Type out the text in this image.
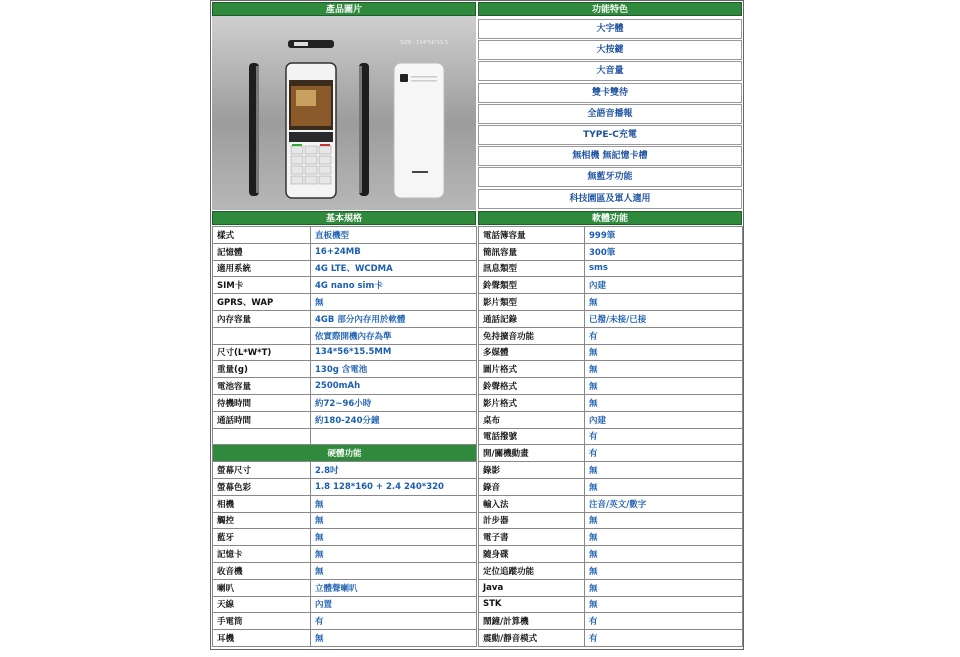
產品圖片	功能特色
SIZE : 134*56*15.5
大字體
大按鍵
大音量
雙卡雙待
全語音播報
TYPE-C充電
無相機 無記憶卡槽
無藍牙功能
科技園區及軍人適用
基本規格	軟體功能
樣式	直板機型
記憶體	16+24MB
適用系統	4G LTE、WCDMA
SIM卡	4G nano sim卡
GPRS、WAP	無
內存容量	4GB 部分內存用於軟體
	依實際開機內存為準
尺寸(L*W*T)	134*56*15.5MM
重量(g)	130g 含電池
電池容量	2500mAh
待機時間	約72~96小時
通話時間	約180-240分鐘

硬體功能	
螢幕尺寸	2.8吋
螢幕色彩	1.8 128*160 + 2.4 240*320
相機	無
觸控	無
藍牙	無
記憶卡	無
收音機	無
喇叭	立體聲喇叭
天線	內置
手電筒	有
耳機	無
電話簿容量	999筆
簡訊容量	300筆
訊息類型	sms
鈴聲類型	內建
影片類型	無
通話記錄	已撥/未接/已接
免持擴音功能	有
多媒體	無
圖片格式	無
鈴聲格式	無
影片格式	無
桌布	內建
電話撥號	有
開/關機動畫	有
錄影	無
錄音	無
輸入法	注音/英文/數字
計步器	無
電子書	無
隨身碟	無
定位追蹤功能	無
Java	無
STK	無
鬧鐘/計算機	有
震動/靜音模式	有
